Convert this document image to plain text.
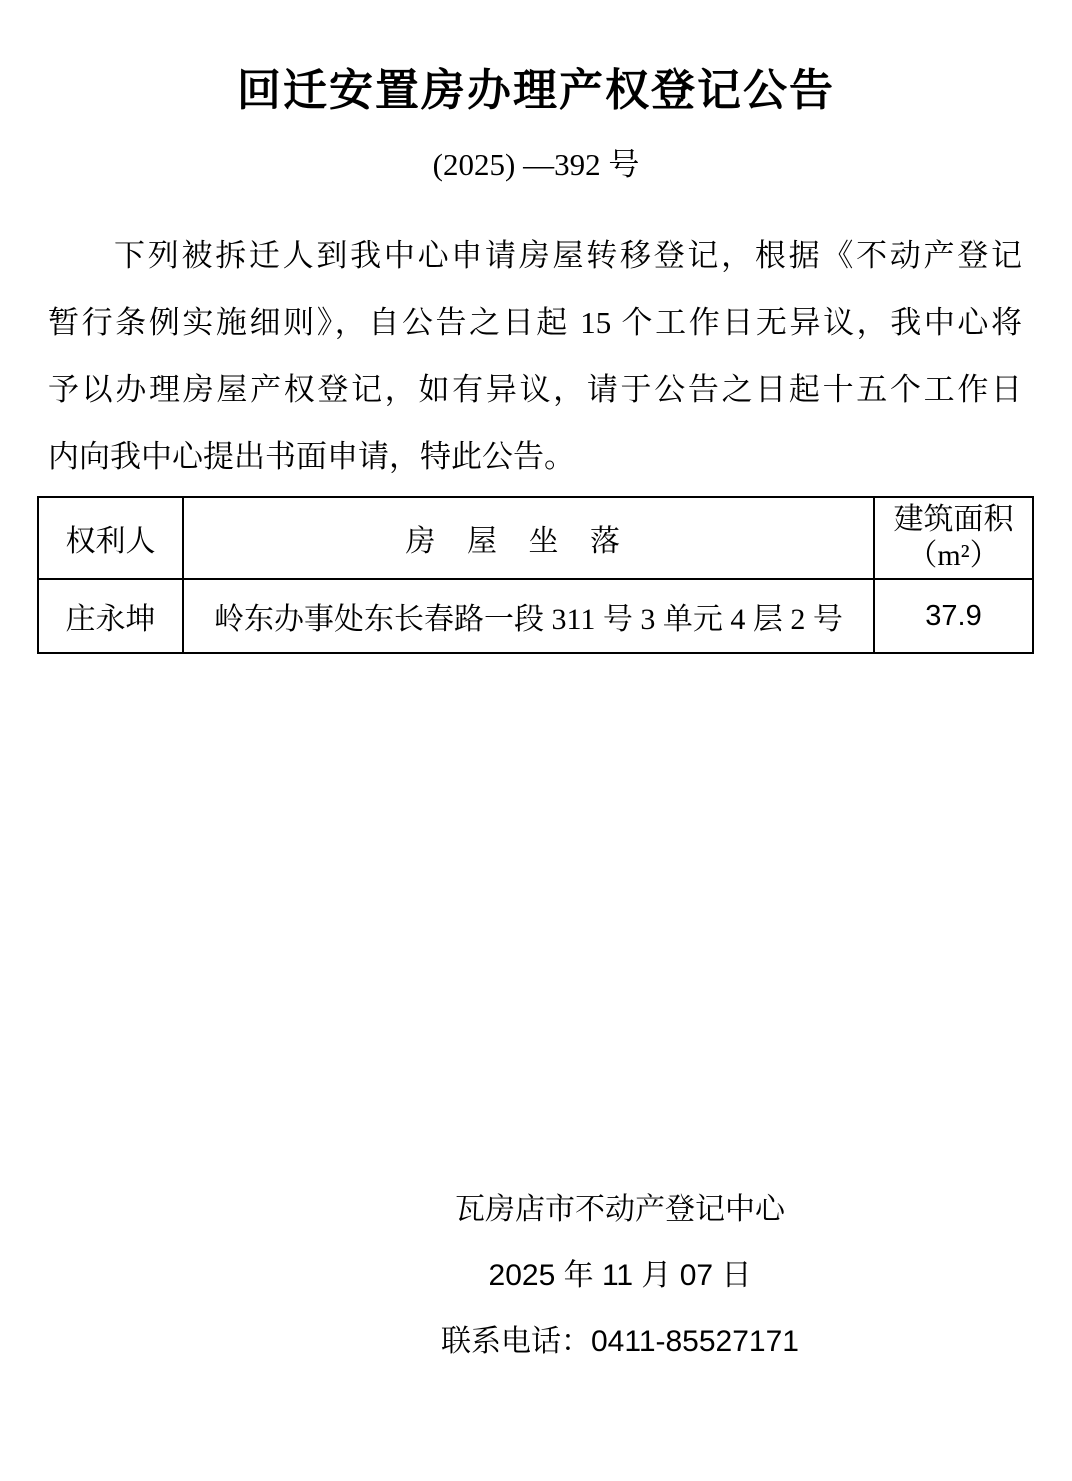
回迁安置房办理产权登记公告
(2025) —392 号
下列被拆迁人到我中心申请房屋转移登记，根据《不动产登记
暂行条例实施细则》，自公告之日起 15 个工作日无异议，我中心将
予以办理房屋产权登记，如有异议，请于公告之日起十五个工作日
内向我中心提出书面申请，特此公告。
权利人	房屋坐落	建筑面积（m²）
庄永坤	岭东办事处东长春路一段 311 号 3 单元 4 层 2 号	37.9
瓦房店市不动产登记中心
2025 年 11 月 07 日
联系电话：0411-85527171
